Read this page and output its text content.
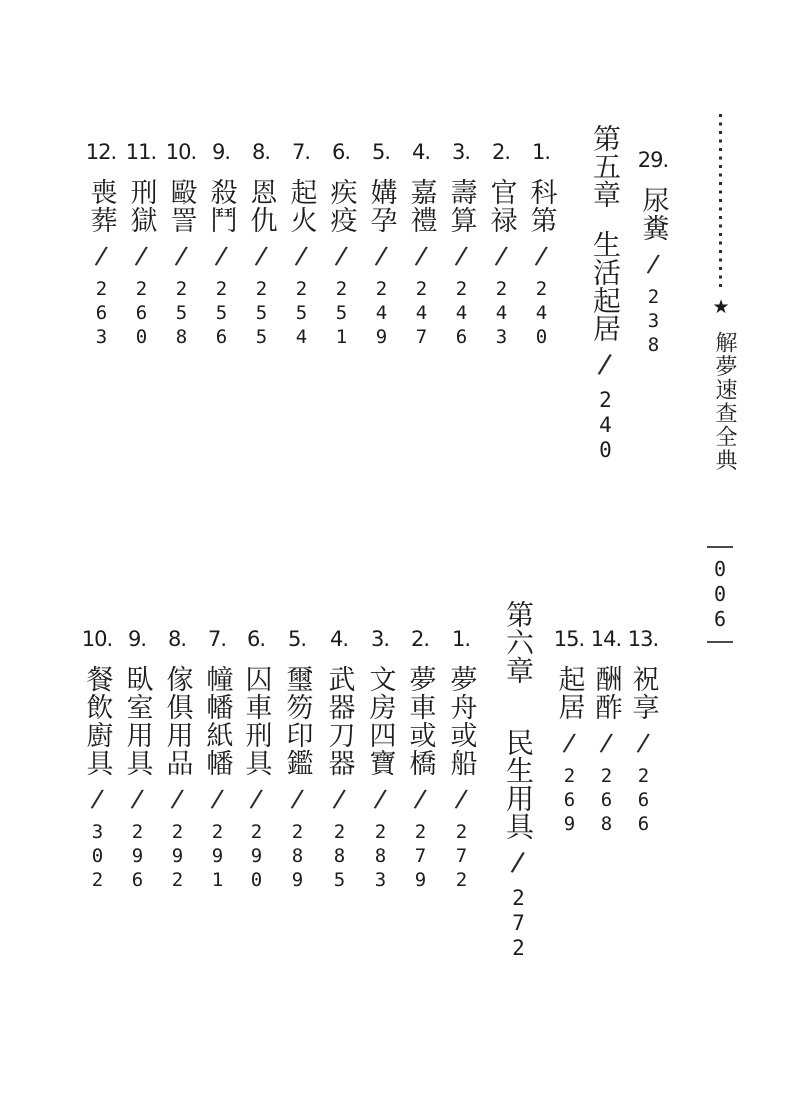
★
解夢速查全典
006
29.
尿糞
/
238
第五章
生活起居
/
240
1.
科第
/
240
2.
官禄
/
243
3.
壽算
/
246
4.
嘉禮
/
247
5.
媾孕
/
249
6.
疾疫
/
251
7.
起火
/
254
8.
恩仇
/
255
9.
殺鬥
/
256
10.
毆詈
/
258
11.
刑獄
/
260
12.
喪葬
/
263
13.
祝享
/
266
14.
酬酢
/
268
15.
起居
/
269
第六章
民生用具
/
272
1.
夢舟或船
/
272
2.
夢車或橋
/
279
3.
文房四寶
/
283
4.
武器刀器
/
285
5.
璽笏印鑑
/
289
6.
囚車刑具
/
290
7.
幢幡紙幡
/
291
8.
傢俱用品
/
292
9.
臥室用具
/
296
10.
餐飲廚具
/
302
